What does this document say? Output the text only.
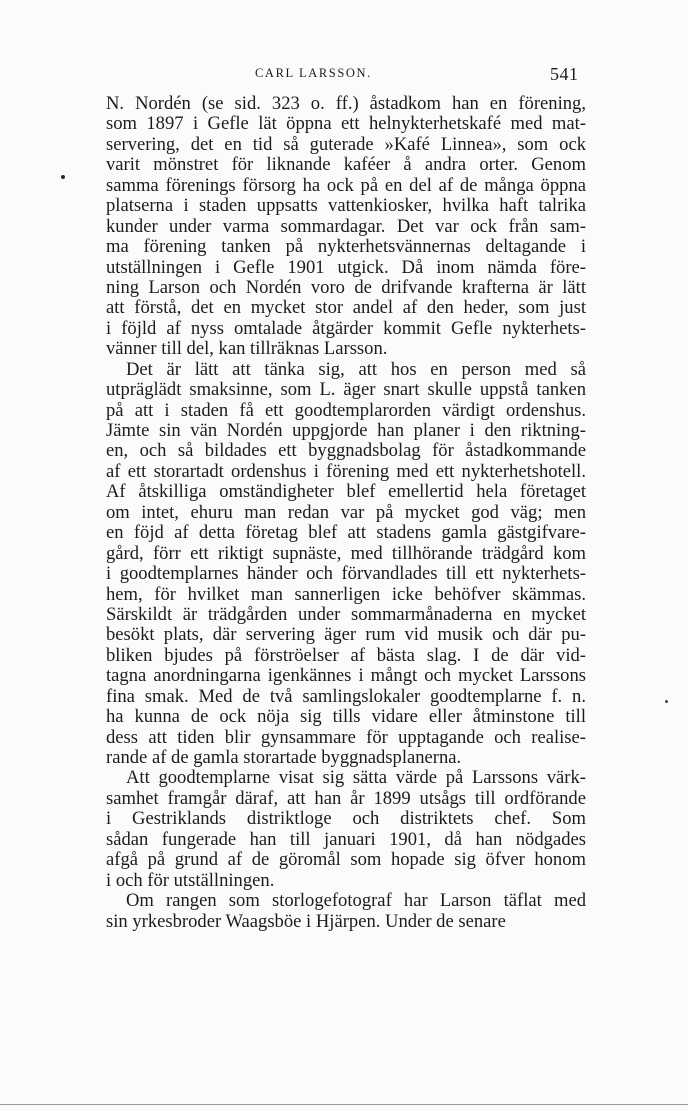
CARL LARSSON.	541
N. Nordén (se sid. 323 o. ff.) åstadkom han en förening,
som 1897 i Gefle lät öppna ett helnykterhetskafé med mat-
servering, det en tid så guterade »Kafé Linnea», som ock
varit mönstret för liknande kaféer å andra orter. Genom
samma förenings försorg ha ock på en del af de många öppna
platserna i staden uppsatts vattenkiosker, hvilka haft talrika
kunder under varma sommardagar. Det var ock från sam-
ma förening tanken på nykterhetsvännernas deltagande i
utställningen i Gefle 1901 utgick. Då inom nämda före-
ning Larson och Nordén voro de drifvande krafterna är lätt
att förstå, det en mycket stor andel af den heder, som just
i föjld af nyss omtalade åtgärder kommit Gefle nykterhets-
vänner till del, kan tillräknas Larsson.
Det är lätt att tänka sig, att hos en person med så
utpräglädt smaksinne, som L. äger snart skulle uppstå tanken
på att i staden få ett goodtemplarorden värdigt ordenshus.
Jämte sin vän Nordén uppgjorde han planer i den riktning-
en, och så bildades ett byggnadsbolag för åstadkommande
af ett storartadt ordenshus i förening med ett nykterhetshotell.
Af åtskilliga omständigheter blef emellertid hela företaget
om intet, ehuru man redan var på mycket god väg; men
en föjd af detta företag blef att stadens gamla gästgifvare-
gård, förr ett riktigt supnäste, med tillhörande trädgård kom
i goodtemplarnes händer och förvandlades till ett nykterhets-
hem, för hvilket man sannerligen icke behöfver skämmas.
Särskildt är trädgården under sommarmånaderna en mycket
besökt plats, där servering äger rum vid musik och där pu-
bliken bjudes på förströelser af bästa slag. I de där vid-
tagna anordningarna igenkännes i mångt och mycket Larssons
fina smak. Med de två samlingslokaler goodtemplarne f. n.
ha kunna de ock nöja sig tills vidare eller åtminstone till
dess att tiden blir gynsammare för upptagande och realise-
rande af de gamla storartade byggnadsplanerna.
Att goodtemplarne visat sig sätta värde på Larssons värk-
samhet framgår däraf, att han år 1899 utsågs till ordförande
i Gestriklands distriktloge och distriktets chef. Som
sådan fungerade han till januari 1901, då han nödgades
afgå på grund af de göromål som hopade sig öfver honom
i och för utställningen.
Om rangen som storlogefotograf har Larson täflat med
sin yrkesbroder Waagsböe i Hjärpen. Under de senare
